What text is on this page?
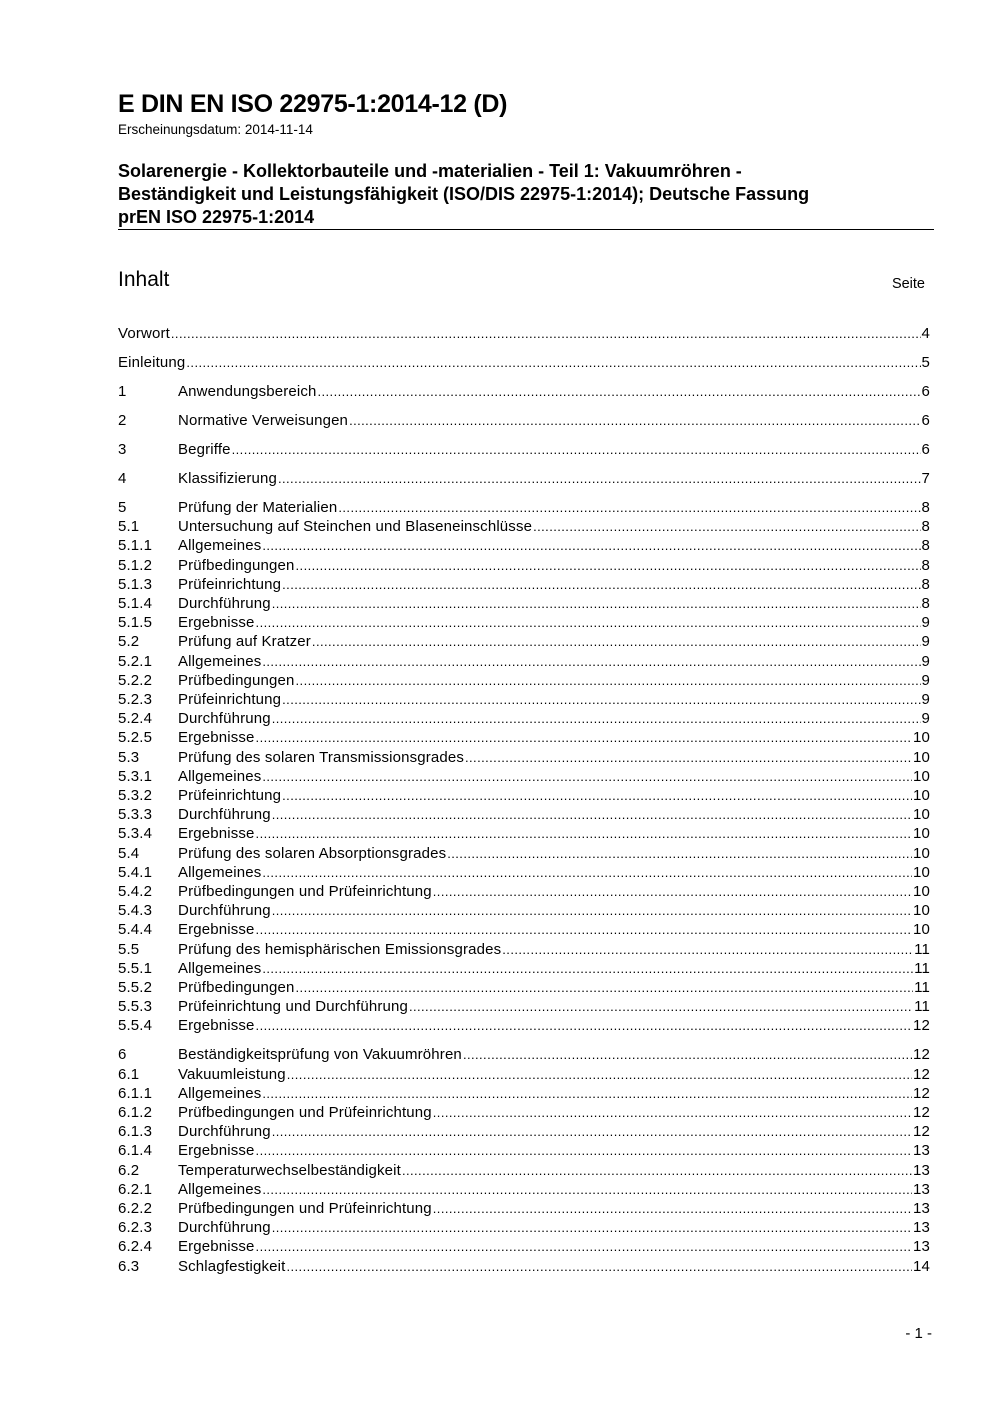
E DIN EN ISO 22975-1:2014-12 (D)
Erscheinungsdatum: 2014-11-14
Solarenergie - Kollektorbauteile und -materialien - Teil 1: Vakuumröhren -
Beständigkeit und Leistungsfähigkeit (ISO/DIS 22975-1:2014); Deutsche Fassung
prEN ISO 22975-1:2014
Inhalt	Seite
Vorwort . . .	4
Einleitung . . .	5
1	Anwendungsbereich . . .	6
2	Normative Verweisungen . . .	6
3	Begriffe . . .	6
4	Klassifizierung . . .	7
5	Prüfung der Materialien . . .	8
5.1	Untersuchung auf Steinchen und Blaseneinschlüsse . . .	8
5.1.1	Allgemeines . . .	8
5.1.2	Prüfbedingungen . . .	8
5.1.3	Prüfeinrichtung . . .	8
5.1.4	Durchführung . . .	8
5.1.5	Ergebnisse . . .	9
5.2	Prüfung auf Kratzer . . .	9
5.2.1	Allgemeines . . .	9
5.2.2	Prüfbedingungen . . .	9
5.2.3	Prüfeinrichtung . . .	9
5.2.4	Durchführung . . .	9
5.2.5	Ergebnisse . . .	10
5.3	Prüfung des solaren Transmissionsgrades . . .	10
5.3.1	Allgemeines . . .	10
5.3.2	Prüfeinrichtung . . .	10
5.3.3	Durchführung . . .	10
5.3.4	Ergebnisse . . .	10
5.4	Prüfung des solaren Absorptionsgrades . . .	10
5.4.1	Allgemeines . . .	10
5.4.2	Prüfbedingungen und Prüfeinrichtung . . .	10
5.4.3	Durchführung . . .	10
5.4.4	Ergebnisse . . .	10
5.5	Prüfung des hemisphärischen Emissionsgrades . . .	11
5.5.1	Allgemeines . . .	11
5.5.2	Prüfbedingungen . . .	11
5.5.3	Prüfeinrichtung und Durchführung . . .	11
5.5.4	Ergebnisse . . .	12
6	Beständigkeitsprüfung von Vakuumröhren . . .	12
6.1	Vakuumleistung . . .	12
6.1.1	Allgemeines . . .	12
6.1.2	Prüfbedingungen und Prüfeinrichtung . . .	12
6.1.3	Durchführung . . .	12
6.1.4	Ergebnisse . . .	13
6.2	Temperaturwechselbeständigkeit . . .	13
6.2.1	Allgemeines . . .	13
6.2.2	Prüfbedingungen und Prüfeinrichtung . . .	13
6.2.3	Durchführung . . .	13
6.2.4	Ergebnisse . . .	13
6.3	Schlagfestigkeit . . .	14
- 1 -
